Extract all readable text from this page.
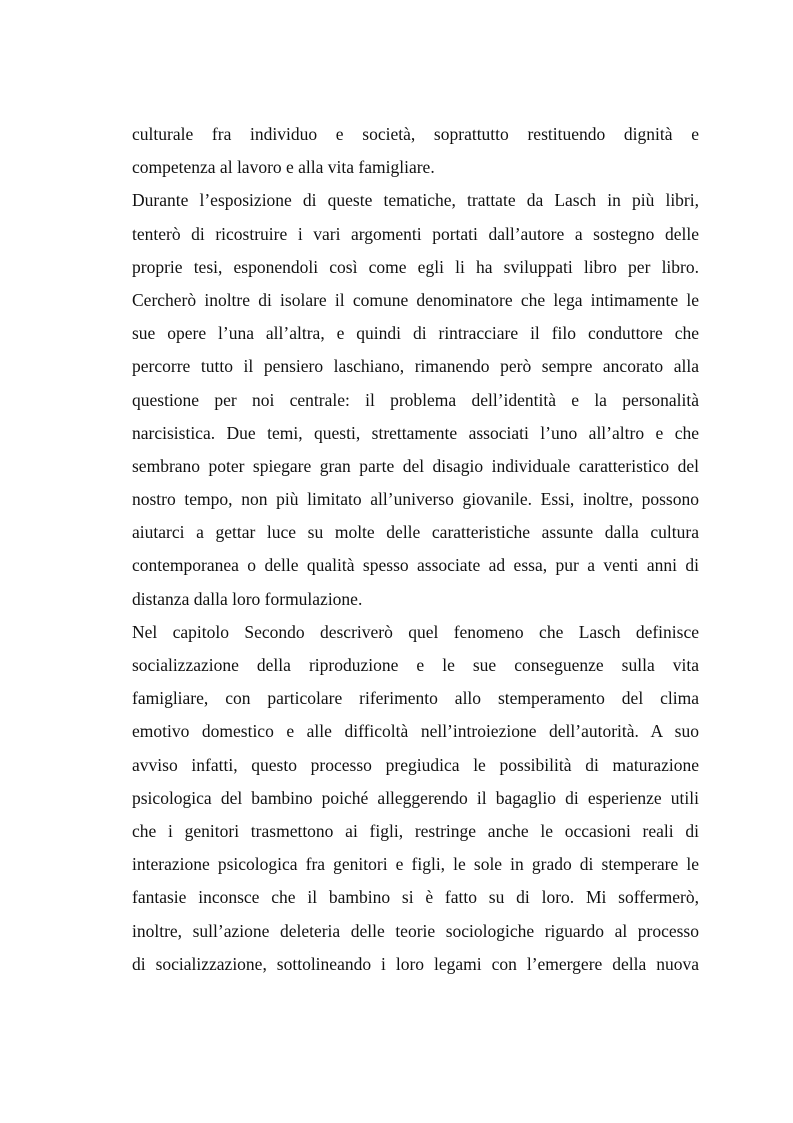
culturale fra individuo e società, soprattutto restituendo dignità e
competenza al lavoro e alla vita famigliare.
Durante l’esposizione di queste tematiche, trattate da Lasch in più libri,
tenterò di ricostruire i vari argomenti portati dall’autore a sostegno delle
proprie tesi, esponendoli così come egli li ha sviluppati libro per libro.
Cercherò inoltre di isolare il comune denominatore che lega intimamente le
sue opere l’una all’altra, e quindi di rintracciare il filo conduttore che
percorre tutto il pensiero laschiano, rimanendo però sempre ancorato alla
questione per noi centrale: il problema dell’identità e la personalità
narcisistica. Due temi, questi, strettamente associati l’uno all’altro e che
sembrano poter spiegare gran parte del disagio individuale caratteristico del
nostro tempo, non più limitato all’universo giovanile. Essi, inoltre, possono
aiutarci a gettar luce su molte delle caratteristiche assunte dalla cultura
contemporanea o delle qualità spesso associate ad essa, pur a venti anni di
distanza dalla loro formulazione.
Nel capitolo Secondo descriverò quel fenomeno che Lasch definisce
socializzazione della riproduzione e le sue conseguenze sulla vita
famigliare, con particolare riferimento allo stemperamento del clima
emotivo domestico e alle difficoltà nell’introiezione dell’autorità. A suo
avviso infatti, questo processo pregiudica le possibilità di maturazione
psicologica del bambino poiché alleggerendo il bagaglio di esperienze utili
che i genitori trasmettono ai figli, restringe anche le occasioni reali di
interazione psicologica fra genitori e figli, le sole in grado di stemperare le
fantasie inconsce che il bambino si è fatto su di loro. Mi soffermerò,
inoltre, sull’azione deleteria delle teorie sociologiche riguardo al processo
di socializzazione, sottolineando i loro legami con l’emergere della nuova
